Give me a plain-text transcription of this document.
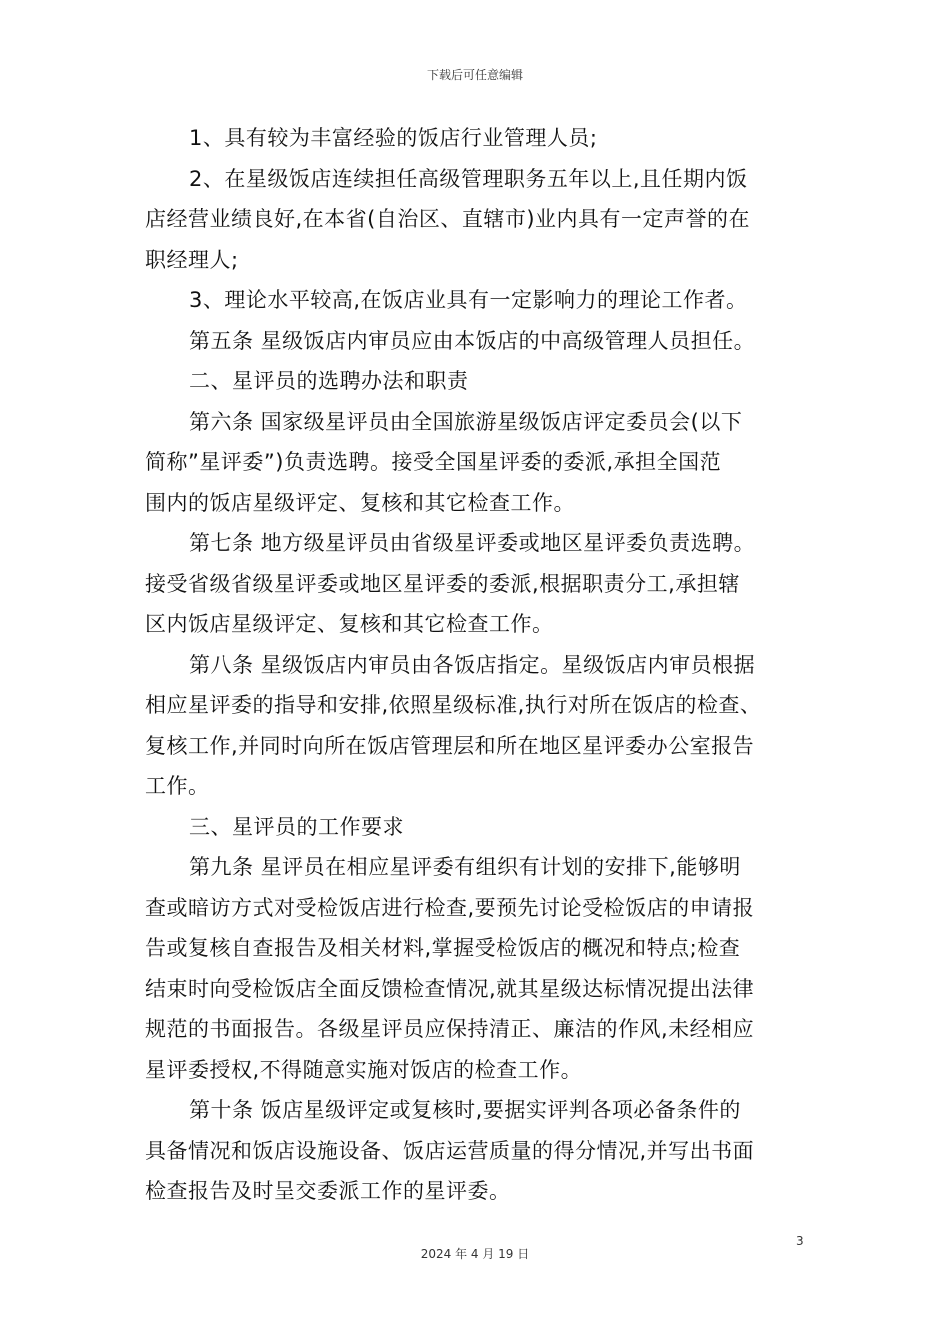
下载后可任意编辑

1、具有较为丰富经验的饭店行业管理人员;

2、在星级饭店连续担任高级管理职务五年以上,且任期内饭
店经营业绩良好,在本省(自治区、直辖市)业内具有一定声誉的在
职经理人;

3、理论水平较高,在饭店业具有一定影响力的理论工作者。

第五条 星级饭店内审员应由本饭店的中高级管理人员担任。

二、星评员的选聘办法和职责

第六条 国家级星评员由全国旅游星级饭店评定委员会(以下
简称”星评委”)负责选聘。接受全国星评委的委派,承担全国范
围内的饭店星级评定、复核和其它检查工作。

第七条 地方级星评员由省级星评委或地区星评委负责选聘。
接受省级省级星评委或地区星评委的委派,根据职责分工,承担辖
区内饭店星级评定、复核和其它检查工作。

第八条 星级饭店内审员由各饭店指定。星级饭店内审员根据
相应星评委的指导和安排,依照星级标准,执行对所在饭店的检查、
复核工作,并同时向所在饭店管理层和所在地区星评委办公室报告
工作。

三、星评员的工作要求

第九条 星评员在相应星评委有组织有计划的安排下,能够明
查或暗访方式对受检饭店进行检查,要预先讨论受检饭店的申请报
告或复核自查报告及相关材料,掌握受检饭店的概况和特点;检查
结束时向受检饭店全面反馈检查情况,就其星级达标情况提出法律
规范的书面报告。各级星评员应保持清正、廉洁的作风,未经相应
星评委授权,不得随意实施对饭店的检查工作。

第十条 饭店星级评定或复核时,要据实评判各项必备条件的
具备情况和饭店设施设备、饭店运营质量的得分情况,并写出书面
检查报告及时呈交委派工作的星评委。

3
2024 年 4 月 19 日
